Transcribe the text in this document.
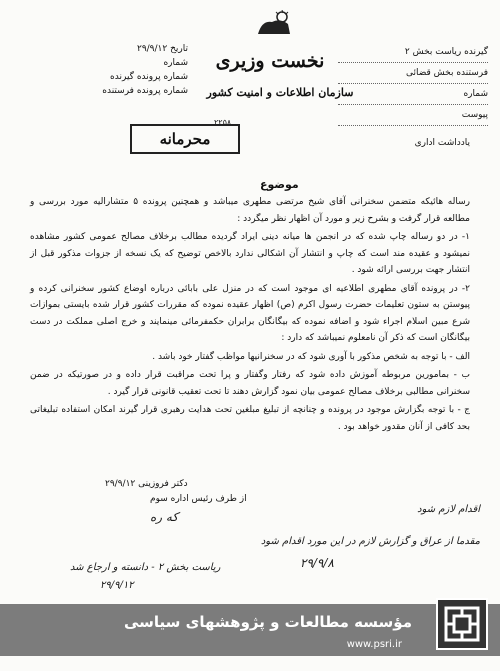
نخست وزیری
سازمان اطلاعات و امنیت کشور
تاریخ ۲۹/۹/۱۲
شماره
شماره پرونده گیرنده
شماره پرونده فرستنده
گیرنده ریاست بخش ۲
فرستنده بخش قضائی
شماره
پیوست
۲۲۵۸
محرمانه	یادداشت اداری
موضوع

رساله هائیکه متضمن سخنرانی آقای شیخ مرتضی مطهری میباشد و همچنین پرونده ۵ متشارالیه مورد بررسی و مطالعه قرار گرفت و بشرح زیر و مورد آن اظهار نظر میگردد :

۱- در دو رساله چاپ شده که در انجمن ها میانه دینی ایراد گردیده مطالب برخلاف مصالح عمومی کشور مشاهده نمیشود و عقیده مند است که چاپ و انتشار آن اشکالی ندارد بالاخص توضیح که یک نسخه از جزوات مذکور قبل از انتشار جهت بررسی ارائه شود .

۲- در پرونده آقای مطهری اطلاعیه ای موجود است که در منزل علی بابائی درباره اوضاع کشور سخنرانی کرده و پیوستن به ستون تعلیمات حضرت رسول اکرم (ص) اظهار عقیده نموده که مقررات کشور قرار شده بایستی بموازات شرع مبین اسلام اجراء شود و اضافه نموده که بیگانگان برابران حکمفرمائی مینمایند و خرج اصلی مملکت در دست بیگانگان است که ذکر آن نامعلوم نمیباشد که دارد :

الف - با توجه به شخص مذکور با آوری شود که در سخنرانیها مواظب گفتار خود باشد .

ب - بمامورین مربوطه آموزش داده شود که رفتار وگفتار و پرا تحت مراقبت قرار داده و در صورتیکه در ضمن سخنرانی مطالبی برخلاف مصالح عمومی بیان نمود گزارش دهند تا تحت تعقیب قانونی قرار گیرد .

ج - با توجه بگزارش موجود در پرونده و چنانچه از تبلیغ مبلغین تحت هدایت رهبری قرار گیرند امکان استفاده تبلیغاتی بحد کافی از آنان مقدور خواهد بود .

دکتر فروزینی ۲۹/۹/۱۲
از طرف رئیس اداره سوم
اقدام لازم شود
که ره
مقدما از عراق و گزارش لازم در این مورد اقدام شود
ریاست بخش ۲ - دانسته و ارجاع شد
۲۹/۹/۱۲
۲۹/۹/۸
مؤسسه مطالعات و پژوهشهای سیاسی
www.psri.ir
